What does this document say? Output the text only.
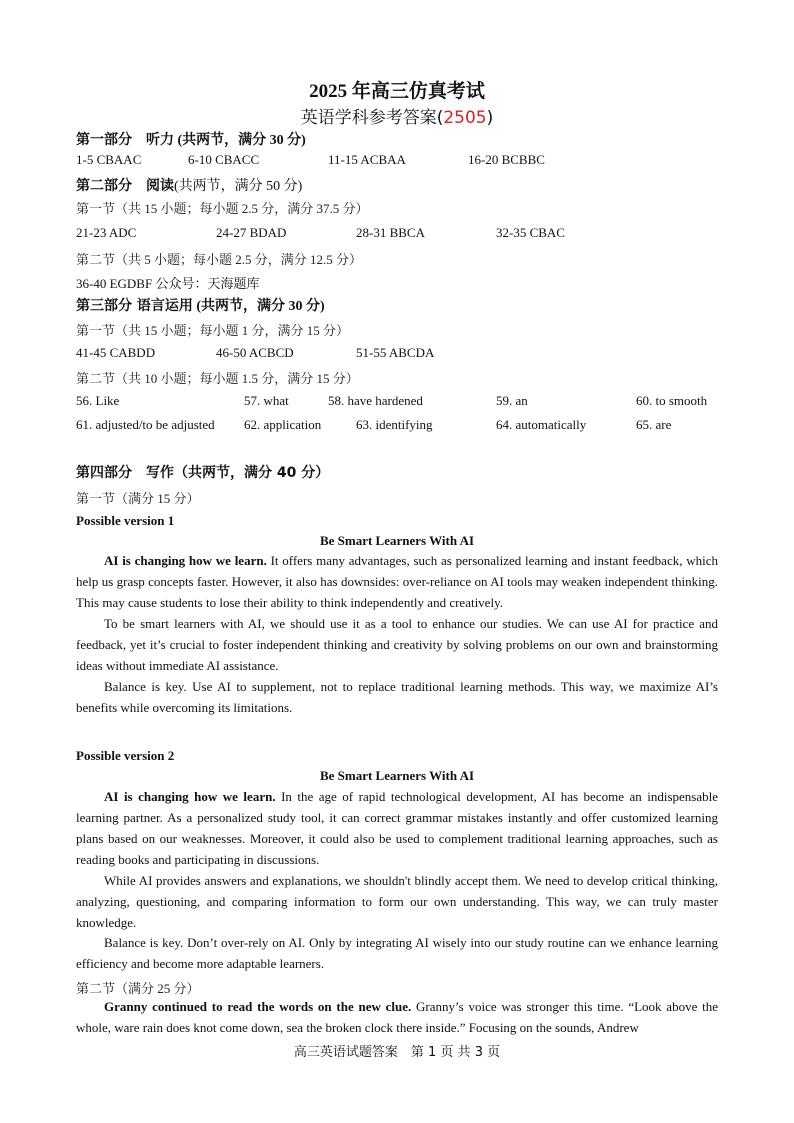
2025 年高三仿真考试
英语学科参考答案(2505)
第一部分　听力 (共两节，满分 30 分)
1-5 CBAAC	6-10 CBACC	11-15 ACBAA	16-20 BCBBC
第二部分　阅读(共两节，满分 50 分)
第一节（共 15 小题；每小题 2.5 分，满分 37.5 分）
21-23 ADC	24-27 BDAD	28-31 BBCA	32-35 CBAC
第二节（共 5 小题；每小题 2.5 分，满分 12.5 分）
36-40 EGDBF 公众号：天海题库
第三部分 语言运用 (共两节，满分 30 分)
第一节（共 15 小题；每小题 1 分，满分 15 分）
41-45 CABDD	46-50 ACBCD	51-55 ABCDA
第二节（共 10 小题；每小题 1.5 分，满分 15 分）
56. Like	57. what	58. have hardened	59. an	60. to smooth
61. adjusted/to be adjusted 62. application	63. identifying	64. automatically	65. are
第四部分　写作（共两节，满分 40 分）
第一节（满分 15 分）
Possible version 1
Be Smart Learners With AI

AI is changing how we learn. It offers many advantages, such as personalized learning and instant feedback, which help us grasp concepts faster. However, it also has downsides: over-reliance on AI tools may weaken independent thinking. This may cause students to lose their ability to think independently and creatively.

To be smart learners with AI, we should use it as a tool to enhance our studies. We can use AI for practice and feedback, yet it’s crucial to foster independent thinking and creativity by solving problems on our own and brainstorming ideas without immediate AI assistance.

Balance is key. Use AI to supplement, not to replace traditional learning methods. This way, we maximize AI’s benefits while overcoming its limitations.

Possible version 2
Be Smart Learners With AI

AI is changing how we learn. In the age of rapid technological development, AI has become an indispensable learning partner. As a personalized study tool, it can correct grammar mistakes instantly and offer customized learning plans based on our weaknesses. Moreover, it could also be used to complement traditional learning approaches, such as reading books and participating in discussions.

While AI provides answers and explanations, we shouldn't blindly accept them. We need to develop critical thinking, analyzing, questioning, and comparing information to form our own understanding. This way, we can truly master knowledge.

Balance is key. Don’t over-rely on AI. Only by integrating AI wisely into our study routine can we enhance learning efficiency and become more adaptable learners.

第二节（满分 25 分）

Granny continued to read the words on the new clue. Granny’s voice was stronger this time. “Look above the whole, ware rain does knot come down, sea the broken clock there inside.” Focusing on the sounds, Andrew

高三英语试题答案　第 1 页 共 3 页
